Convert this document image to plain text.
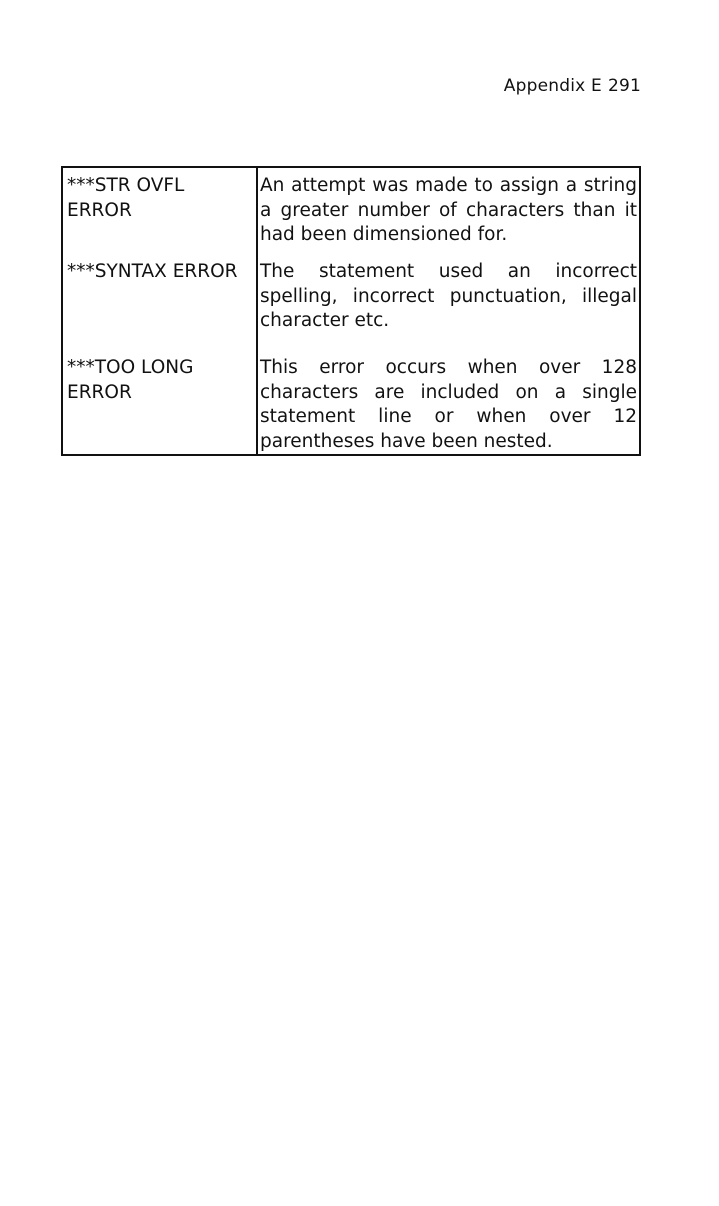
Appendix E 291
***STR OVFL ERROR
An attempt was made to assign a string a greater number of characters than it had been dimensioned for.
***SYNTAX ERROR	The statement used an incorrect spelling, incorrect punctuation, illegal character etc.
***TOO LONG ERROR
This error occurs when over 128 characters are included on a single statement line or when over 12 parentheses have been nested.
